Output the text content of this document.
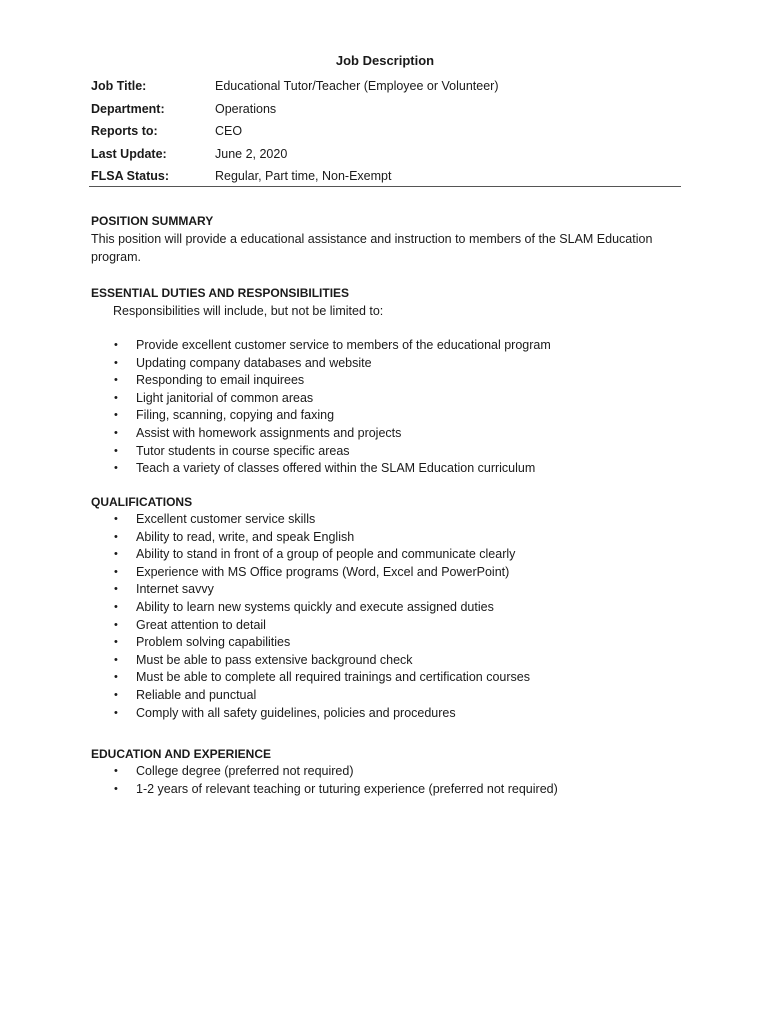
Job Description
Job Title:	Educational Tutor/Teacher (Employee or Volunteer)
Department:	Operations
Reports to:	CEO
Last Update:	June 2, 2020
FLSA Status:	Regular, Part time, Non-Exempt
POSITION SUMMARY
This position will provide a educational assistance and instruction to members of the SLAM Education program.
ESSENTIAL DUTIES AND RESPONSIBILITIES
Responsibilities will include, but not be limited to:
• Provide excellent customer service to members of the educational program
• Updating company databases and website
• Responding to email inquirees
• Light janitorial of common areas
• Filing, scanning, copying and faxing
• Assist with homework assignments and projects
• Tutor students in course specific areas
• Teach a variety of classes offered within the SLAM Education curriculum
QUALIFICATIONS
• Excellent customer service skills
• Ability to read, write, and speak English
• Ability to stand in front of a group of people and communicate clearly
• Experience with MS Office programs (Word, Excel and PowerPoint)
• Internet savvy
• Ability to learn new systems quickly and execute assigned duties
• Great attention to detail
• Problem solving capabilities
• Must be able to pass extensive background check
• Must be able to complete all required trainings and certification courses
• Reliable and punctual
• Comply with all safety guidelines, policies and procedures
EDUCATION AND EXPERIENCE
• College degree (preferred not required)
• 1-2 years of relevant teaching or tuturing experience (preferred not required)
